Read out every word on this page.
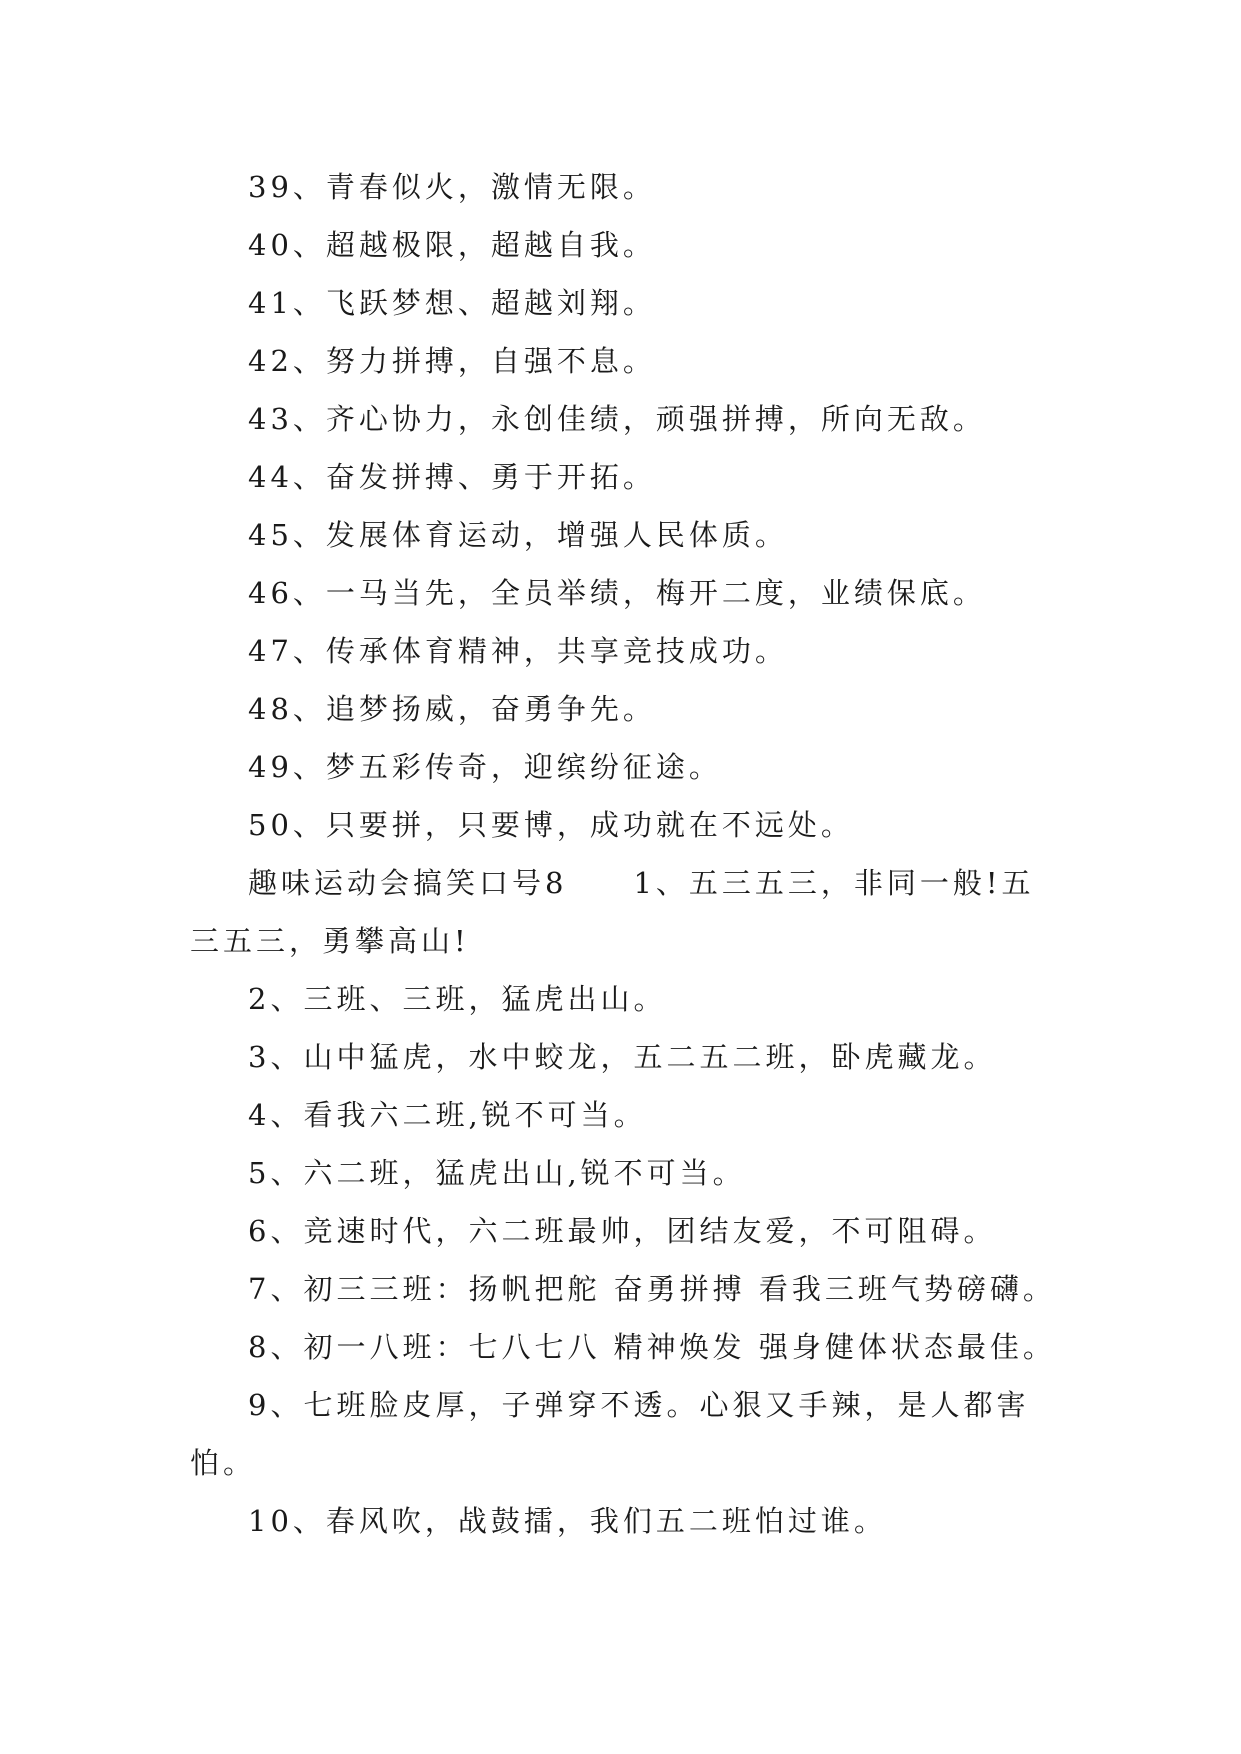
39、青春似火，激情无限。

40、超越极限，超越自我。

41、飞跃梦想、超越刘翔。

42、努力拼搏，自强不息。

43、齐心协力，永创佳绩，顽强拼搏，所向无敌。

44、奋发拼搏、勇于开拓。

45、发展体育运动，增强人民体质。

46、一马当先，全员举绩，梅开二度，业绩保底。

47、传承体育精神，共享竞技成功。

48、追梦扬威，奋勇争先。

49、梦五彩传奇，迎缤纷征途。

50、只要拼，只要博，成功就在不远处。

趣味运动会搞笑口号8　　1、五三五三，非同一般!五三五三，勇攀高山!

2、三班、三班，猛虎出山。

3、山中猛虎，水中蛟龙，五二五二班，卧虎藏龙。

4、看我六二班,锐不可当。

5、六二班，猛虎出山,锐不可当。

6、竞速时代，六二班最帅，团结友爱，不可阻碍。

7、初三三班：扬帆把舵 奋勇拼搏 看我三班气势磅礴。

8、初一八班：七八七八 精神焕发 强身健体状态最佳。

9、七班脸皮厚，子弹穿不透。心狠又手辣，是人都害怕。

10、春风吹，战鼓擂，我们五二班怕过谁。
